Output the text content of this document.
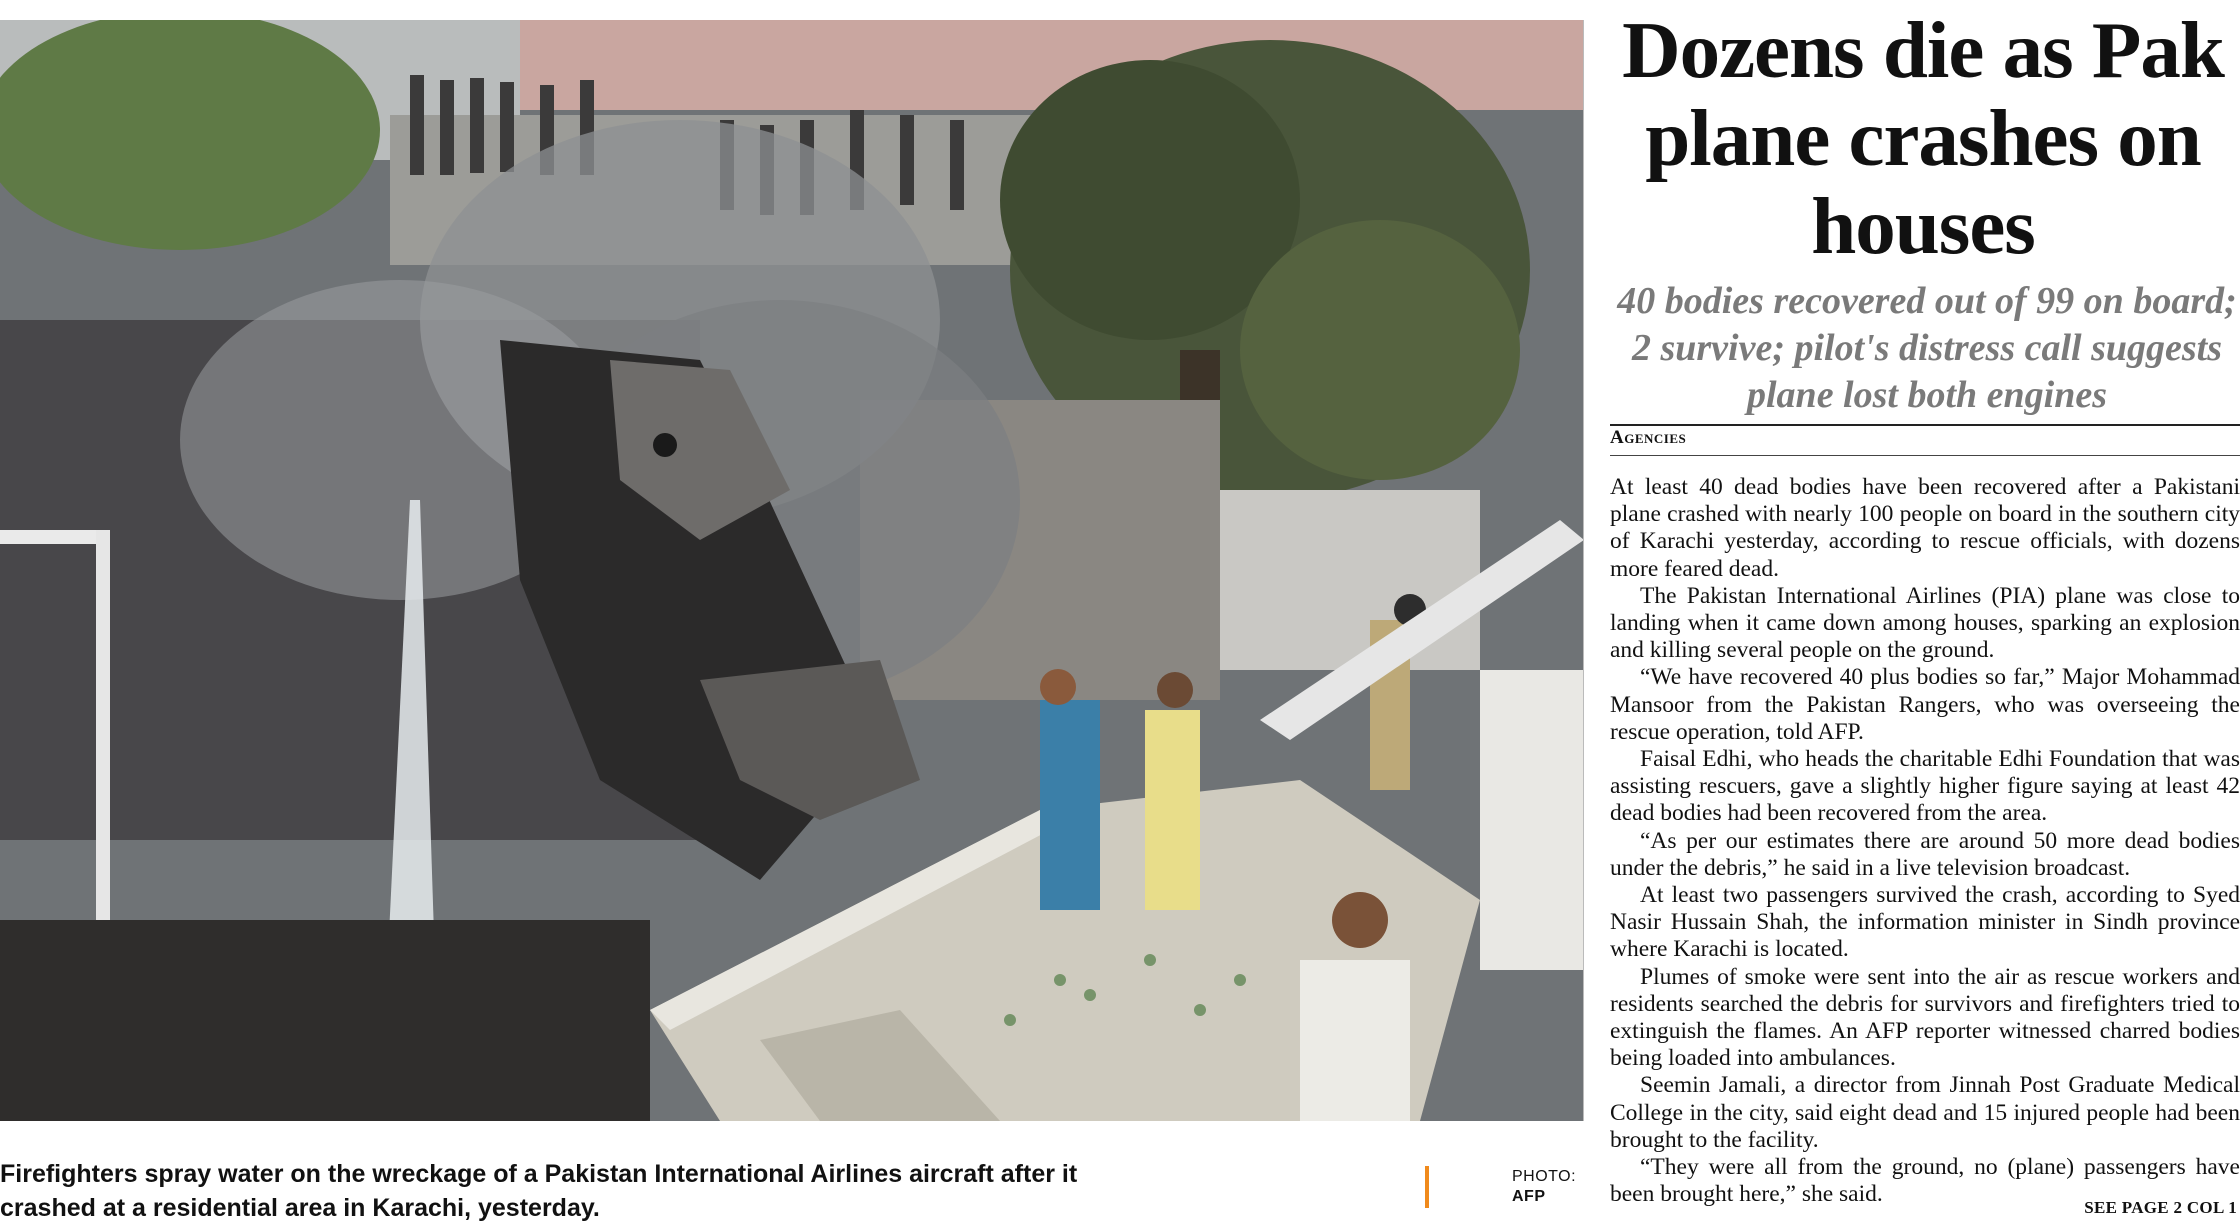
Firefighters spray water on the wreckage of a Pakistan International Airlines aircraft after it crashed at a residential area in Karachi, yesterday.
PHOTO:
AFP
Dozens die as Pak plane crashes on houses
40 bodies recovered out of 99 on board; 2 survive; pilot's distress call suggests plane lost both engines
Agencies

At least 40 dead bodies have been recovered after a Pakistani plane crashed with nearly 100 people on board in the southern city of Karachi yesterday, according to rescue officials, with dozens more feared dead.

The Pakistan International Airlines (PIA) plane was close to landing when it came down among houses, sparking an explosion and killing several people on the ground.

“We have recovered 40 plus bodies so far,” Major Mohammad Mansoor from the Pakistan Rangers, who was overseeing the rescue operation, told AFP.

Faisal Edhi, who heads the charitable Edhi Foundation that was assisting rescuers, gave a slightly higher figure saying at least 42 dead bodies had been recovered from the area.

“As per our estimates there are around 50 more dead bodies under the debris,” he said in a live television broadcast.

At least two passengers survived the crash, according to Syed Nasir Hussain Shah, the information minister in Sindh province where Karachi is located.

Plumes of smoke were sent into the air as rescue workers and residents searched the debris for survivors and firefighters tried to extinguish the flames. An AFP reporter witnessed charred bodies being loaded into ambulances.

Seemin Jamali, a director from Jinnah Post Graduate Medical College in the city, said eight dead and 15 injured people had been brought to the facility.

“They were all from the ground, no (plane) passengers have been brought here,” she said.

SEE PAGE 2 COL 1
